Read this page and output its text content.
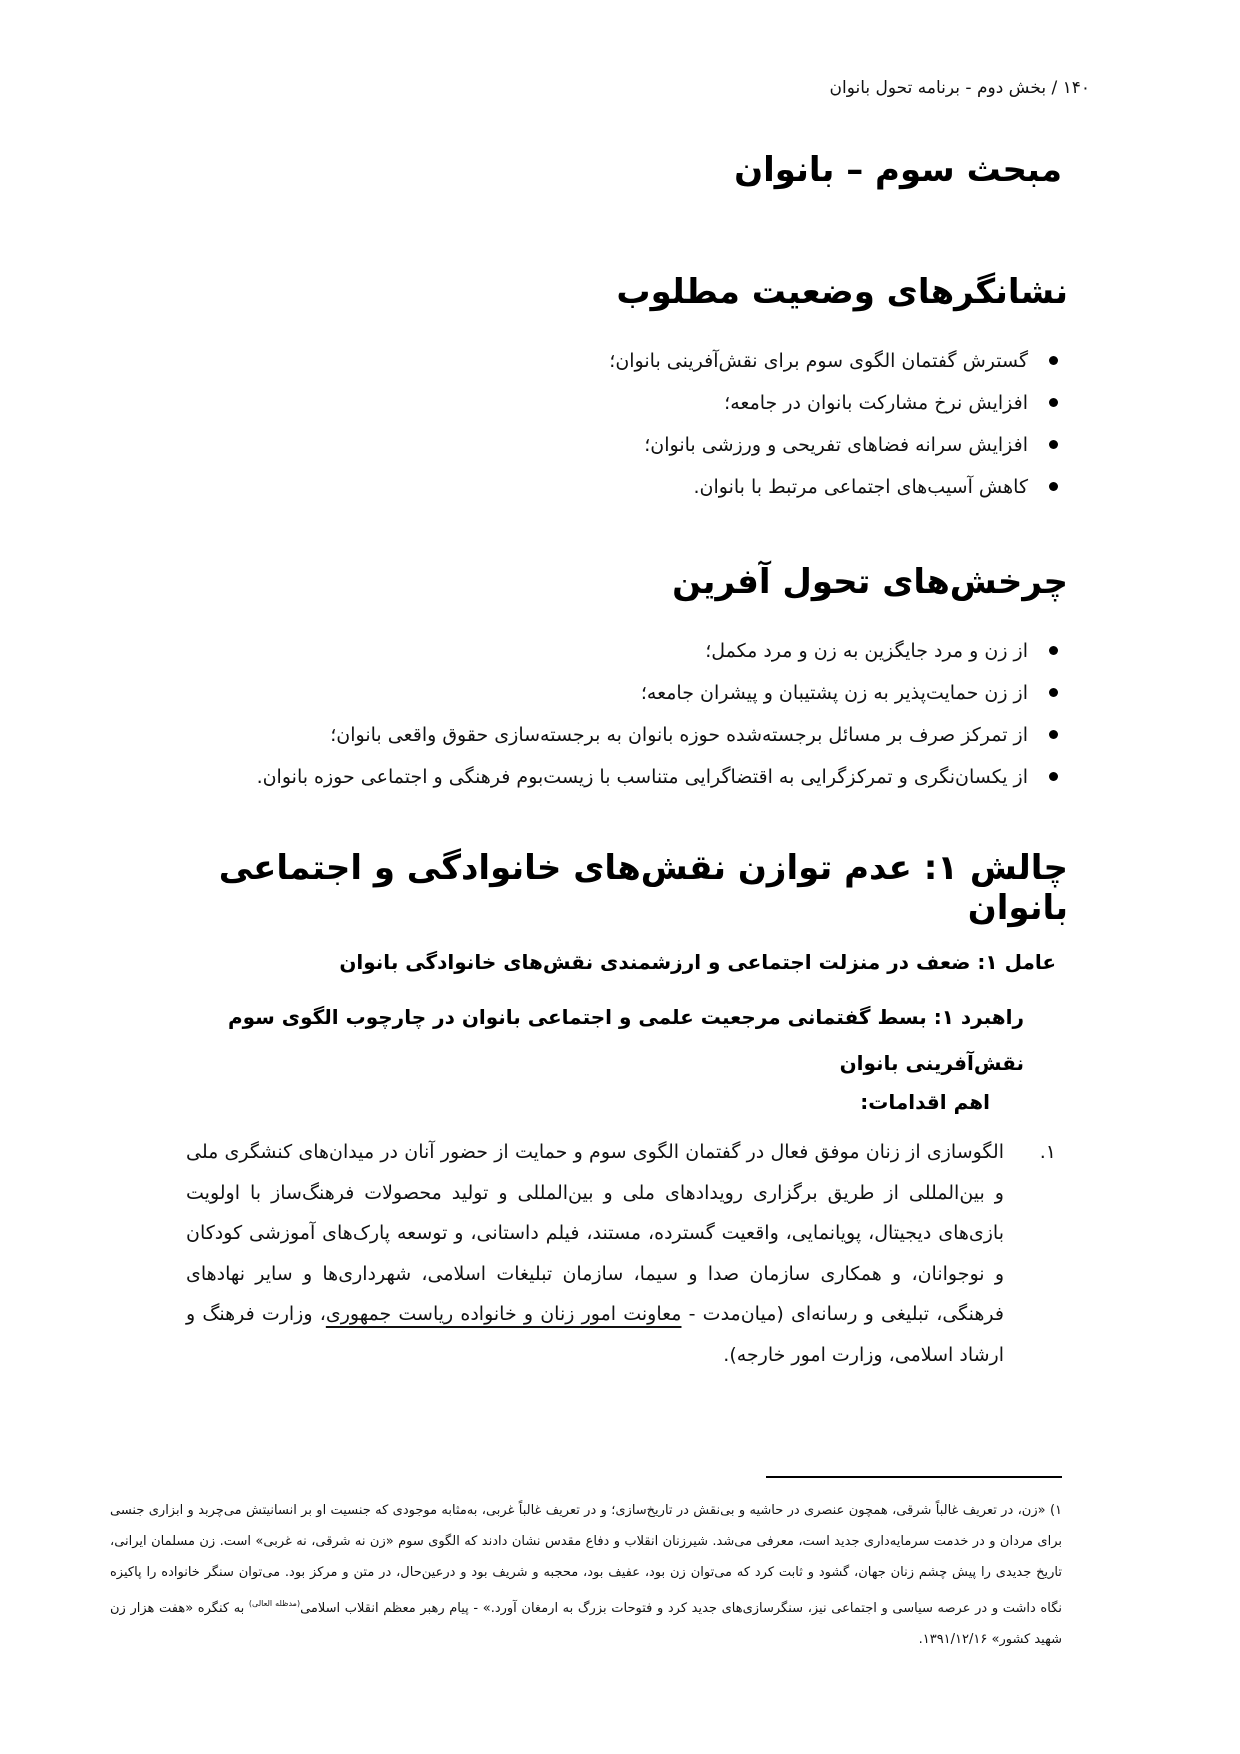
۱۴۰ / بخش دوم - برنامه تحول بانوان
مبحث سوم – بانوان
نشانگرهای وضعیت مطلوب
گسترش گفتمان الگوی سوم برای نقش‌آفرینی بانوان؛
افزایش نرخ مشارکت بانوان در جامعه؛
افزایش سرانه فضاهای تفریحی و ورزشی بانوان؛
کاهش آسیب‌های اجتماعی مرتبط با بانوان.
چرخش‌های تحول آفرین
از زن و مرد جایگزین به زن و مرد مکمل؛
از زن حمایت‌پذیر به زن پشتیبان و پیشران جامعه؛
از تمرکز صرف بر مسائل برجسته‌شده حوزه بانوان به برجسته‌سازی حقوق واقعی بانوان؛
از یکسان‌نگری و تمرکزگرایی به اقتضاگرایی متناسب با زیست‌بوم فرهنگی و اجتماعی حوزه بانوان.
چالش ۱: عدم توازن نقش‌های خانوادگی و اجتماعی بانوان
عامل ۱: ضعف در منزلت اجتماعی و ارزشمندی نقش‌های خانوادگی بانوان
راهبرد ۱: بسط گفتمانی مرجعیت علمی و اجتماعی بانوان در چارچوب الگوی سوم نقش‌آفرینی بانوان
اهم اقدامات:
۱.
الگوسازی از زنان موفق فعال در گفتمان الگوی سوم و حمایت از حضور آنان در میدان‌های کنشگری ملی و بین‌المللی از طریق برگزاری رویدادهای ملی و بین‌المللی و تولید محصولات فرهنگ‌ساز با اولویت بازی‌های دیجیتال، پویانمایی، واقعیت گسترده، مستند، فیلم داستانی، و توسعه پارک‌های آموزشی کودکان و نوجوانان، و همکاری سازمان صدا و سیما، سازمان تبلیغات اسلامی، شهرداری‌ها و سایر نهادهای فرهنگی، تبلیغی و رسانه‌ای (میان‌مدت - معاونت امور زنان و خانواده ریاست جمهوری، وزارت فرهنگ و ارشاد اسلامی، وزارت امور خارجه).
۱) «زن، در تعریف غالباً شرقی، همچون عنصری در حاشیه و بی‌نقش در تاریخ‌سازی؛ و در تعریف غالباً غربی، به‌مثابه موجودی که جنسیت او بر انسانیتش می‌چربد و ابزاری جنسی برای مردان و در خدمت سرمایه‌داری جدید است، معرفی می‌شد. شیرزنان انقلاب و دفاع مقدس نشان دادند که الگوی سوم «زن نه شرقی، نه غربی» است. زن مسلمان ایرانی، تاریخ جدیدی را پیش چشم زنان جهان، گشود و ثابت کرد که می‌توان زن بود، عفیف بود، محجبه و شریف بود و درعین‌حال، در متن و مرکز بود. می‌توان سنگر خانواده را پاکیزه نگاه داشت و در عرصه سیاسی و اجتماعی نیز، سنگرسازی‌های جدید کرد و فتوحات بزرگ به ارمغان آورد.» - پیام رهبر معظم انقلاب اسلامی$^{(مدظله العالی)}$ به کنگره «هفت هزار زن شهید کشور» ۱۳۹۱/۱۲/۱۶.
